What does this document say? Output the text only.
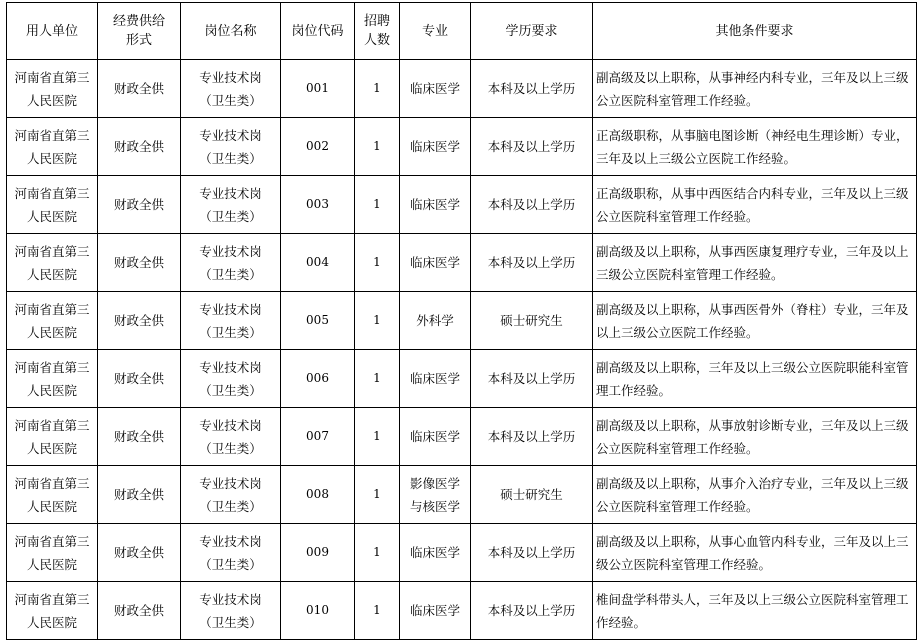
用人单位	经费供给
形式	岗位名称	岗位代码	招聘
人数	专业	学历要求	其他条件要求

河南省直第三
人民医院	财政全供	专业技术岗
（卫生类）	001	1	临床医学	本科及以上学历	副高级及以上职称，从事神经内科专业，三年及以上三级公立医院科室管理工作经验。

河南省直第三
人民医院	财政全供	专业技术岗
（卫生类）	002	1	临床医学	本科及以上学历	正高级职称，从事脑电图诊断（神经电生理诊断）专业，三年及以上三级公立医院工作经验。

河南省直第三
人民医院	财政全供	专业技术岗
（卫生类）	003	1	临床医学	本科及以上学历	正高级职称，从事中西医结合内科专业，三年及以上三级公立医院科室管理工作经验。

河南省直第三
人民医院	财政全供	专业技术岗
（卫生类）	004	1	临床医学	本科及以上学历	副高级及以上职称，从事西医康复理疗专业，三年及以上三级公立医院科室管理工作经验。

河南省直第三
人民医院	财政全供	专业技术岗
（卫生类）	005	1	外科学	硕士研究生	副高级及以上职称，从事西医骨外（脊柱）专业，三年及以上三级公立医院工作经验。

河南省直第三
人民医院	财政全供	专业技术岗
（卫生类）	006	1	临床医学	本科及以上学历	副高级及以上职称，三年及以上三级公立医院职能科室管理工作经验。

河南省直第三
人民医院	财政全供	专业技术岗
（卫生类）	007	1	临床医学	本科及以上学历	副高级及以上职称，从事放射诊断专业，三年及以上三级公立医院科室管理工作经验。

河南省直第三
人民医院	财政全供	专业技术岗
（卫生类）	008	1	影像医学
与核医学	硕士研究生	副高级及以上职称，从事介入治疗专业，三年及以上三级公立医院科室管理工作经验。

河南省直第三
人民医院	财政全供	专业技术岗
（卫生类）	009	1	临床医学	本科及以上学历	副高级及以上职称，从事心血管内科专业，三年及以上三级公立医院科室管理工作经验。

河南省直第三
人民医院	财政全供	专业技术岗
（卫生类）	010	1	临床医学	本科及以上学历	椎间盘学科带头人，三年及以上三级公立医院科室管理工作经验。
